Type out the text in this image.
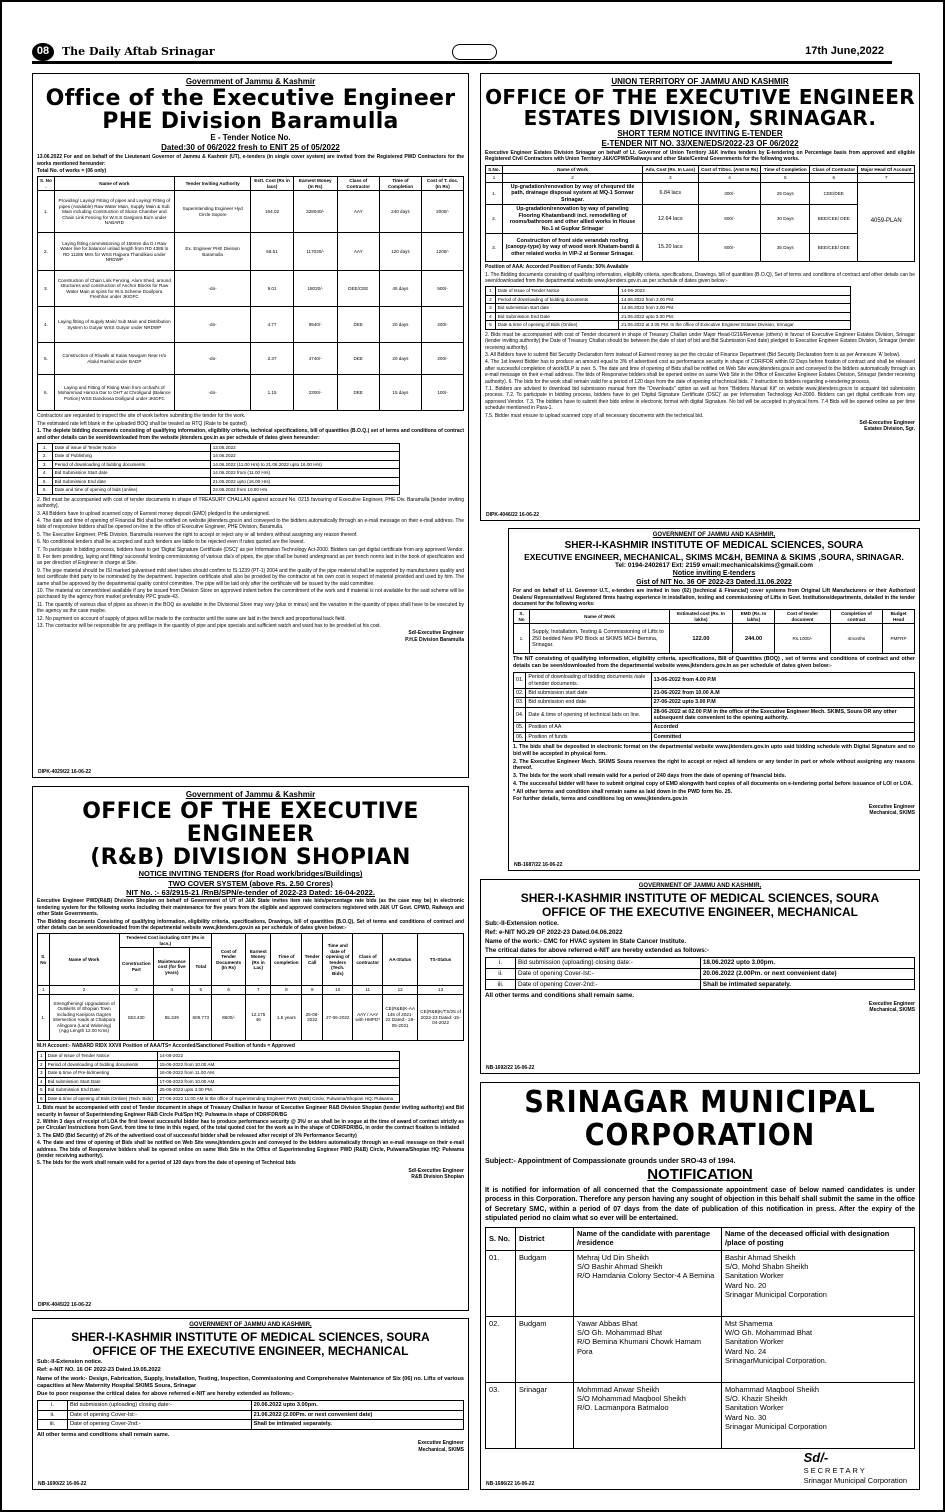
08	The Daily Aftab Srinagar	17th June,2022
Government of Jammu & Kashmir
Office of the Executive Engineer
PHE Division Baramulla
E - Tender Notice No.
Dated:30 of 06/2022 fresh to ENIT 25 of 05/2022
13.06.2022 For and on behalf of the Lieutenant Governor of Jammu & Kashmir (UT), e-tenders (in single cover system) are invited from the Registered PWD Contractors for the works mentioned hereunder:
Total No. of works = (06 only)
S. No .	Name of work	Tender Inviting Authority	Estt. Cost (Rs in lacs)	Earnest Money (In Rs)	Class of Contractor	Time of Completion	Cost of T. doc. (In Rs)
1.	Providing/ Laying/ Fitting of pipes and Laying/ Fitting of pipes (Available) Raw Water Main, Supply Main & Sub Main including Construction of Sluice Chamber and Chain Link Fencing for W.S.S Ganjpora Burn under NABARD	Superintending Engineer Hyd Circle Sopore	164.02	328040/-	AAY	240 days	2000/-
2.	Laying fitting commissioning of 150mm dia D.I Raw Water line for balance/ unlaid length from RD 4385 to RD 11285 Mtrs for WSS Rajpora Thandikasi under NRDWP	Ex. Engineer PHE Division Baramulla	58.51	117020/-	AAY	120 days	1200/-
3.	Construction of Chain Link Fencing, Alum Shed, around structures and construction of Anchor Blocks for Raw Water Main at spots for W.S.Scheme Dooilpora Freshhar under JKIDFC	-do-	9.01	18020/-	DEE/CEE	45 days	500/-
4.	Laying fitting of Supply Main/ Sub Main and Distribution System to Gutyar WSS Gutyar under NRDWP	-do-	4.77	9540/-	DEE	20 days	200/-
5.	Construction of R/walls at Kalas Nowgam Near H/o Abdul Rashid under BADP	-do-	2.37	4740/-	DEE	20 days	200/-
6.	Laying and Fitting of Rising Main from orchad's of Mohammad Hamza Dar to OHT at Chroligund (Balance Portion) WSS Dandoosa Doiligund under JKIDFC	-do-	1.15	2300/-	DEE	15 days	100/-
Contractors are requested to inspect the site of work before submitting the tender for the work.
The estimated rate left blank in the uploaded BOQ shall be treated as RTQ (Rate to be quoted)
1. The deplete bidding documents consisting of qualifying information, eligibility criteria, technical specifications, bill of quantities (B.O.Q.) set of terms and conditions of contract and other details can be seen/downloaded from the website jktenders.gov.in as per schedule of dates given hereunder:
1.	Date of issue of Tender Notice	13.06.2022
2.	Date of Publishing	14.06.2022
3.	Period of downloading of bidding documents	14.06.2022 (11.00 Hrs) to 21.06.2022 upto 16.00 Hrs)
4.	Bid Submission Start date	14.06.2022 from (11.00 Hrs)
5.	Bid Submission End date	21.06.2022 upto (16.00 Hrs)
6.	Date and time of opening of bids (online)	22.06.2022 from 10.00 Hrs
2. Bid must be accompanied with cost of tender documents in shape of TREASURY CHALLAN against account No. 0215 favouring of Executive Engineer, PHE Div. Baramulla [tender inviting authority].
3. All Bidders have to upload scanned copy of Earnest money deposit (EMD) pledged to the undersigned.
4. The date and time of opening of Financial Bid shall be notified on website jktenders.gov.in and conveyed to the bidders automatically through an e-mail message on their e-mail address. The bids of responsive bidders shall be opened on-line in the office of Executive Engineer, PHE Division, Baramulla.
5. The Executive Engineer, PHE Division, Baramulla reserves the right to accept or reject any or all tenders without assigning any reason thereof.
6. No conditional tenders shall be accepted and such tenders are liable to be rejected even if rates quoted are the lowest.
7. To participate in bidding process, bidders have to get 'Digital Signature Certificate (DSC)' as per Information Technology Act-2000. Bidders can get digital certificate from any approved Vendor.
8. For item providing, laying and fitting/ successful testing commissioning of various dia's of pipes, the pipe shall be buried underground as per trench norms laid in the book of specification and as per direction of Engineer in charge at Site.
9. The pipe material should be ISI marked galvanised mild steel tubes should confirm to IS:1239 (PT-1) 2004 and the quality of the pipe material shall be supported by manufacturers quality and test certificate third party to be nominated by the department. Inspection certificate shall also be provided by the contractor at his own cost in respect of material provided and used by him. The same shall be approved by the departmental quality control committee. The pipe will be laid only after the certificate will be issued by the said committee.
10. The material viz cement/steel available if any be issued from Division Store on approved indent before the commitment of the work and if material is not available for the said scheme will be purchased by the agency from market preferably PPC grade-43.
11. The quantity of various dias of pipes as shown in the BOQ as available in the Divisional Store may vary (plus or minus) and the variation in the quantity of pipes shall have to be executed by the agency as the case maybe.
12. No payment on account of supply of pipes will be made to the contractor until the same are laid in the trench and proportional back field.
13. The contractor will be responsible for any prefilage in the quantity of pipe and pipe specials and sufficient watch and ward has to be provided at his cost.
Sd/-Executive Engineer
P.H.E Division Baramulla
DIPK-4029/22 16-06-22
UNION TERRITORY OF JAMMU AND KASHMIR
OFFICE OF THE EXECUTIVE ENGINEER
ESTATES DIVISION, SRINAGAR.
SHORT TERM NOTICE INVITING E-TENDER
E-TENDER NIT NO. 33/XEN/EDS/2022-23 OF 06/2022
Executive Engineer Estates Division Srinagar on behalf of Lt. Governor of Union Territory J&K invites tenders by E-tendering on Percentage basis from approved and eligible Registered Civil Contractors with Union Territory J&K/CPWD/Railways and other State/Central Governments for the following works.
S.No.	Name of Work	Adv. Cost (Rs. In Lacs)	Cost of T/Doc. (Amt In Rs)	Time of Completion	Class of Contractor	Major Head Of Account
1	2	3	4	5	6	7
1.	Up-gradation/renovation by way of chequred tile path, drainage disposal system at MQ-1 Sonwar Srinagar.	6.84 lacs	300/-	25 Days	CEE/DEE	4059-PLAN
2.	Up-gradation/renovation by way of paneling Flooring Khatambandi incl. remodelling of rooms/bathroom and other allied works in House No.1 at Gupkar Srinagar	12.64 lacs	600/-	30 Days	BEE/CEE/ DEE	
3.	Construction of front side verandah roofing (canopy-type) by way of wood work Khatam-bandi & other related works in VIP-2 at Sonwar Srinagar.	15.20 lacs	800/-	35 Days	BEE/CEE/ DEE	
Position of AAA: Accorded Position of Funds: 50% Available
1. The Bidding documents consisting of qualifying information, eligibility criteria, specifications, Drawings, bill of quantities (B.O.Q), Set of terms and conditions of contract and other details can be seen/downloaded from the departmental website www.jktenders.gov.in as per schedule of dates given below:-
1	Date of Issue of Tender Notice	14-06-2022
2	Period of downloading of bidding documents	14.06.2022 from 3.00 PM.
3	Bid submission start date	14.06.2022 from 3.00 PM.
4	Bid Submission End Date	21.06.2022 upto 3.00 PM.
5	Date & time of opening of Bids (Online)	21.06.2022 at 3.05 PM. In the office of Executive Engineer Estates Division, Srinagar.
2. Bids must be accompanied with cost of Tender document in shape of Treasury Challan under Major Head-0216/Revenue (others) in favour of Executive Engineer Estates Division, Srinagar (tender inviting authority) the Date of Treasury Challan should be between the date of start of bid and Bid Submission End date) pledged to Executive Engineer Estates Division, Srinagar (tender receiving authority).
3. All Bidders have to submit Bid Security Declaration form instead of Earnest money as per the circular of Finance Department (Bid Security Declaration form is as per Annexure 'A' below).
4. The 1st lowest Bidder has to produce an amount equal to 3% of advertised cost as performance security in shape of CDR/FDR within 02 Days before fixation of contract and shall be released after successful completion of work/DLP is over. 5. The date and time of opening of Bids shall be notified on Web Site www.jktenders.gov.in and conveyed to the bidders automatically through an e-mail message on their e-mail address. The bids of Responsive bidders shall be opened online on same Web Site in the Office of Executive Engineer Estates Division, Srinagar (tender receiving authority). 6. The bids for the work shall remain valid for a period of 120 days from the date of opening of technical bids. 7 Instruction to bidders regarding e-tendering process.
7.1. Bidders are advised to download bid submission manual from the "Downloads" option as well as from "Bidders Manual Kit" on website www.jktenders.gov.in to acquaint bid submission process. 7.2. To participate in bidding process, bidders have to get 'Digital Signature Certificate (DSC)' as per Information Technology Act-2000. Bidders can get digital certificate from any approved Vendor. 7.3. The bidders have to submit their bids online in electronic format with digital Signature. No bid will be accepted in physical form. 7.4 Bids will be opened online as per time schedule mentioned in Para-1.
7.5. Bidder must ensure to upload scanned copy of all necessary documents with the technical bid.
Sd/-Executive Engineer
Estates Division, Sgr.
DIPK-4046/22 16-06-22
GOVERNMENT OF JAMMU AND KASHMIR,
SHER-I-KASHMIR INSTITUTE OF MEDICAL SCIENCES, SOURA
EXECUTIVE ENGINEER, MECHANICAL, SKIMS MC&H, BEMINA & SKIMS ,SOURA, SRINAGAR.
Tel: 0194-2402617 Ext: 2159 email:mechanicalskims@gmail.com
Notice inviting E-tenders
Gist of NIT No. 36 OF 2022-23 Dated.11.06.2022
For and on behalf of Lt. Governor U.T., e-tenders are invited in two (02) [technical & Financial] cover systems from Original Lift Manufacturers or their Authorized Dealers/ Representatives/ Registered firms having experience in installation, testing and commissioning of Lifts in Govt. Institutions/departments, detailed in the tender document for the following works:
S. No	Name of Work	Estimated cost (Rs. In lakhs)	EMD (Rs. In lakhs)	Cost of tender document	Completion of contract	Budget Head
1.	Supply, Installation, Testing & Commissioning of Lifts to 250 bedded New IPD Block at SKIMS MCH Bemina, Srinagar.	122.00	244.00	Rs.1000/-	4months	PMFRP
The NIT consisting of qualifying information, eligibility criteria, specifications, Bill of Quantities (BOQ) , set of terms and conditions of contract and other details can be seen/downloaded from the departmental website www.jktenders.gov.in as per schedule of dates given below:-
01.	Period of downloading of bidding documents /sale of tender documents.	13-06-2022 from 4.00 P.M
02.	Bid submission start date	21-06-2022 from 10.00 A.M
03.	Bid submission end date	27-06-2022 upto 3.00 P.M
04.	Date & time of opening of technical bids on line.	28-06-2022 at 02.00 P.M in the office of the Executive Engineer Mech. SKIMS, Soura OR any other subsequent date convenient to the opening authority.
05.	Position of AA	Accorded
06.	Position of funds	Committed
1. The bids shall be deposited in electronic format on the departmental website www.jktenders.gov.in upto said bidding schedule with Digital Signature and no bid will be accepted in physical form.
2. The Executive Engineer Mech. SKIMS Soura reserves the right to accept or reject all tenders or any tender in part or whole without assigning any reasons thereof.
3. The bids for the work shall remain valid for a period of 240 days from the date of opening of financial bids.
4. The successful bidder will have to submit original copy of EMD alongwith hard copies of all documents on e-tendering portal before issuance of LOI or LOA.
* All other terms and condition shall remain same as laid down in the PWD form No. 25.
For further details, terms and conditions log on www.jktenders.gov.in
Executive Engineer
Mechanical, SKIMS
NB-1687/22 16-06-22
Government of Jammu & Kashmir
OFFICE OF THE EXECUTIVE ENGINEER
(R&B) DIVISION SHOPIAN
NOTICE INVITING TENDERS (for Road work/bridges/Buildings)
TWO COVER SYSTEM (above Rs. 2.50 Crores)
NIT No. :- 63/2915-21 /RnB/SPN/e-tender of 2022-23 Dated: 16-04-2022.
Executive Engineer PWD(R&B) Division Shopian on behalf of Government of UT of J&K State invites item rate bids/percentage rate bids (as the case may be) in electronic tendering system for the following works including their maintenance for five years from the eligible and approved contractors registered with J&K UT Govt. CPWD, Railways and other State Governments.
The Bidding documents Consisting of qualifying information, eligibility criteria, specifications, Drawings, bill of quantities (B.O.Q), Set of terms and conditions of contract and other details can be seen/downloaded from the departmental website www.jktenders.gov.in as per schedule of dates given below:-
S. No	Name of Work	Tendered Cost including GST (Rs in lacs.)			Cost of Tender Documents (In Rs)	Earnest Money (Rs in Lac)	Time of completion	Tender Call	Time and date of opening of tenders (Tech. Bids)	Class of contractor	AA-Status	TS-Status
		Construction Part	Maintenance cost (for five years)	Total								
1	2	3	4	5	6	7	8	9	10	11	12	13
1.	Strengthening/ Upgradation of Outskirts of Shopian Town including Kanipora Gagren intersection roads at Chatipora Alingpora (Land Widening) (Agg Length 12.00 Kms)	553.430	55.349	608.773	8500/-	12.175 46	1.5 years	25-06-2022	27-06-2022	AAY / AAY with HMPD*	CE(R&B)K-AA 145 of 2021-22 Dated:- 29-05-2021	CE(R&B)K/TS/25 of 2022-23 Dated:-15-04-2022
M.H Account:- NABARD RIDX XXVII Position of AAA/TS= Accorded/Sanctioned Position of funds = Approved
1	Date of Issue of Tender Notice	14-06-2022
2	Period of downloading of bidding documents	15-06-2022 from 10.00 AM.
3	Date & time of Pre-bidmeeting	16-06-2022 from 11.00 AM.
4	Bid submission Start Date	17-06-2022 from 10.00 AM.
5	Bid Submission End Date	25-06-2022 upto 4.00 PM.
6	Date & time of opening of Bids (Online) (Tech. Bids)	27-06-2022 11:00 AM in the office of Superintending Engineer PWD (R&B) Circle, Pulwama/Shopian HQ: Pulwama
1. Bids must be accompanied with cost of Tender document in shape of Treasury Challan in favour of Executive Engineer R&B Division Shopian (tender inviting authority) and Bid security in favour of Superintending Engineer R&B Circle Pul/Spn HQ: Pulwama in shape of CDR/FDR/BG
2. Within 3 days of receipt of LOA the first lowest successful bidder has to produce performance security @ 3%/ or as shall be in vogue at the time of award of contract strictly as per Circular/ Instructions from Govt. from time to time in this regard, of the total quoted cost for the work as in the shape of CDR/FDR/BG, in order the contract fixation is initiated
3. The EMD (Bid Security) of 2% of the advertised cost of successful bidder shall be released after receipt of 3% Performance Security)
4. The date and time of opening of Bids shall be notified on Web Site www.jktenders.gov.in and conveyed to the bidders automatically through an e-mail message on their e-mail address. The bids of Responsive bidders shall be opened online on same Web Site in the Office of Superintending Engineer PWD (R&B) Circle, Pulwama/Shopian HQ: Pulwama (tender receiving authority).
5. The bids for the work shall remain valid for a period of 120 days from the date of opening of Technical bids
Sd/-Executive Engineer
R&B Division Shopian
DIPK-4045/22 16-06-22
GOVERNMENT OF JAMMU AND KASHMIR,
SHER-I-KASHMIR INSTITUTE OF MEDICAL SCIENCES, SOURA
OFFICE OF THE EXECUTIVE ENGINEER, MECHANICAL
Sub:-II-Extension notice.
Ref: e-NIT NO. 16 OF 2022-23 Dated.19.05.2022
Name of the work:- Design, Fabrication, Supply, Installation, Testing, Inspection, Commissioning and Comprehensive Maintenance of Six (06) no. Lifts of various capacities at New Maternity Hospital SKIMS Soura, Srinagar
Due to poor response the critical dates for above referred e-NIT are hereby extended as follows;-
i.	Bid submission (uploading) closing date:-	20.06.2022 upto 3.00pm.
ii.	Date of opening Cover-Ist:-	21.06.2022 (2.00Pm. or next convenient date)
iii.	Date of opening Cover-2nd:-	Shall be intimated separately.
All other terms and conditions shall remain same.
Executive Engineer
Mechanical, SKIMS
NB-1690/22 16-06-22
GOVERNMENT OF JAMMU AND KASHMIR,
SHER-I-KASHMIR INSTITUTE OF MEDICAL SCIENCES, SOURA
OFFICE OF THE EXECUTIVE ENGINEER, MECHANICAL
Sub:-II-Extension notice.
Ref: e-NIT NO.29 OF 2022-23 Dated.04.06.2022
Name of the work:- CMC for HVAC system in State Cancer Institute.
The critical dates for above referred e-NIT are hereby extended as follows:-
i.	Bid submission (uploading) closing date:-	18.06.2022 upto 3.00pm.
ii.	Date of opening Cover-Ist:-	20.06.2022 (2.00Pm. or next convenient date)
iii.	Date of opening Cover-2nd:-	Shall be intimated separately.
All other terms and conditions shall remain same.
Executive Engineer
Mechanical, SKIMS
NB-1692/22 16-06-22
SRINAGAR MUNICIPAL CORPORATION
Subject:- Appointment of Compassionate grounds under SRO-43 of 1994.
NOTIFICATION
It is notified for information of all concerned that the Compassionate appointment case of below named candidates is under process in this Corporation. Therefore any person having any sought of objection in this behalf shall submit the same in the office of Secretary SMC, within a period of 07 days from the date of publication of this notification in press. After the expiry of the stipulated period no claim what so ever will be entertained.
S. No.	District	Name of the candidate with parentage /residence	Name of the deceased official with designation /place of posting
01.	Budgam	Mehraj Ud Din Sheikh
S/O Bashir Ahmad Sheikh
R/O Hamdania Colony Sector-4 A Bemina	Bashir Ahmad Sheikh
S/O. Mohd Shabn Sheikh
Sanitation Worker
Ward No. 20
Srinagar Municipal Corporation
02.	Budgam	Yawar Abbas Bhat
S/O Gh. Mohammad Bhat
R/O Bemina Khumani Chowk Hamam Pora	Mst Shamema
W/O Gh. Mohammad Bhat
Sanitation Worker
Ward No. 24
SrinagarMunicipal Corporation.
03.	Srinagar	Mohmmad Anwar Sheikh
S/O Mohammad Maqbool Sheikh
R/O. Lacmanpora Batmaloo	Mohammad Maqbool Sheikh
S/O. Khazir Sheikh
Sanitation Worker
Ward No. 30
Srinagar Municipal Corporation
Sd/-
SECRETARY
Srinagar Municipal Corporation
NB-1686/22 16-06-22
